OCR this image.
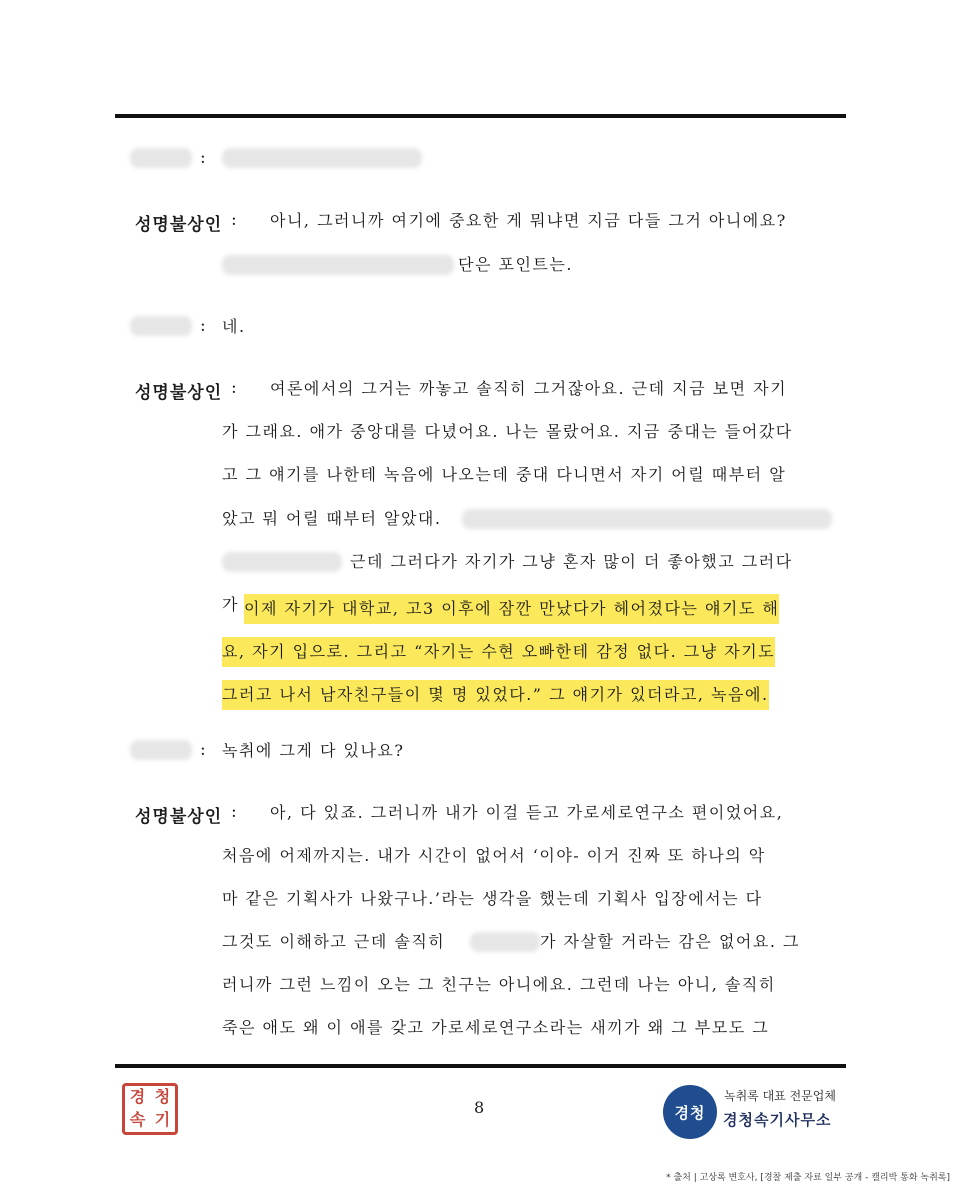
:
성명불상인 : 아니, 그러니까 여기에 중요한 게 뭐냐면 지금 다들 그거 아니에요?
단은 포인트는.
: 네.
성명불상인 : 여론에서의 그거는 까놓고 솔직히 그거잖아요. 근데 지금 보면 자기
가 그래요. 애가 중앙대를 다녔어요. 나는 몰랐어요. 지금 중대는 들어갔다
고 그 얘기를 나한테 녹음에 나오는데 중대 다니면서 자기 어릴 때부터 알
았고 뭐 어릴 때부터 알았대.
근데 그러다가 자기가 그냥 혼자 많이 더 좋아했고 그러다
가 이제 자기가 대학교, 고3 이후에 잠깐 만났다가 헤어졌다는 얘기도 해
요, 자기 입으로. 그리고 “자기는 수현 오빠한테 감정 없다. 그냥 자기도
그러고 나서 남자친구들이 몇 명 있었다.” 그 얘기가 있더라고, 녹음에.
: 녹취에 그게 다 있나요?
성명불상인 : 아, 다 있죠. 그러니까 내가 이걸 듣고 가로세로연구소 편이었어요,
처음에 어제까지는. 내가 시간이 없어서 ‘이야- 이거 진짜 또 하나의 악
마 같은 기획사가 나왔구나.’라는 생각을 했는데 기획사 입장에서는 다
그것도 이해하고 근데 솔직히	가 자살할 거라는 감은 없어요. 그
러니까 그런 느낌이 오는 그 친구는 아니에요. 그런데 나는 아니, 솔직히
죽은 애도 왜 이 애를 갖고 가로세로연구소라는 새끼가 왜 그 부모도 그
경 청
속 기
8	경청
녹취록 대표 전문업체
경청속기사무소
* 출처 | 고상록 변호사, [경찰 제출 자료 일부 공개 - 캘리박 통화 녹취록]
